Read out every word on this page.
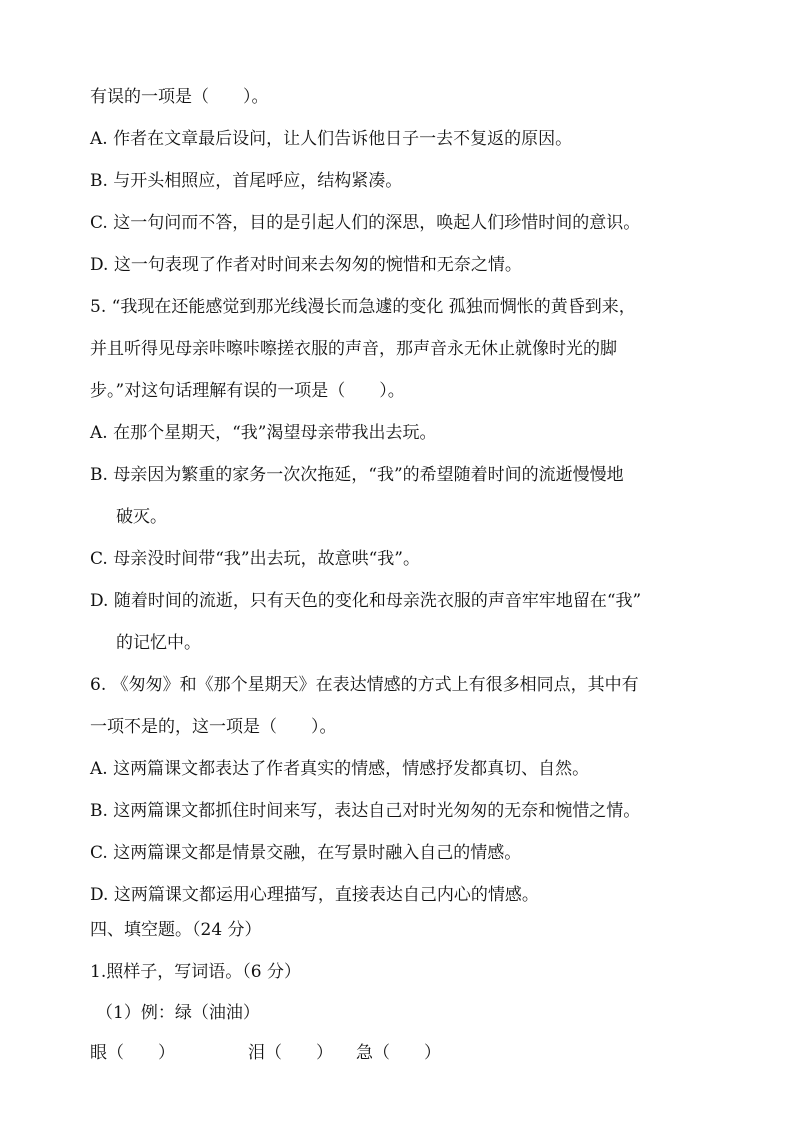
有误的一项是（　　）。
A. 作者在文章最后设问，让人们告诉他日子一去不复返的原因。
B. 与开头相照应，首尾呼应，结构紧凑。
C. 这一句问而不答，目的是引起人们的深思，唤起人们珍惜时间的意识。
D. 这一句表现了作者对时间来去匆匆的惋惜和无奈之情。
5. “我现在还能感觉到那光线漫长而急遽的变化 孤独而惆怅的黄昏到来，
并且听得见母亲咔嚓咔嚓搓衣服的声音，那声音永无休止就像时光的脚
步。”对这句话理解有误的一项是（　　）。
A. 在那个星期天，“我”渴望母亲带我出去玩。
B. 母亲因为繁重的家务一次次拖延，“我”的希望随着时间的流逝慢慢地
破灭。
C. 母亲没时间带“我”出去玩，故意哄“我”。
D. 随着时间的流逝，只有天色的变化和母亲洗衣服的声音牢牢地留在“我”
的记忆中。
6. 《匆匆》和《那个星期天》在表达情感的方式上有很多相同点，其中有
一项不是的，这一项是（　　）。
A. 这两篇课文都表达了作者真实的情感，情感抒发都真切、自然。
B. 这两篇课文都抓住时间来写，表达自己对时光匆匆的无奈和惋惜之情。
C. 这两篇课文都是情景交融，在写景时融入自己的情感。
D. 这两篇课文都运用心理描写，直接表达自己内心的情感。
四、填空题。（24 分）
1.照样子，写词语。（6 分）
（1）例：绿（油油）
眼（　　）	泪（　　） 急（　　）
